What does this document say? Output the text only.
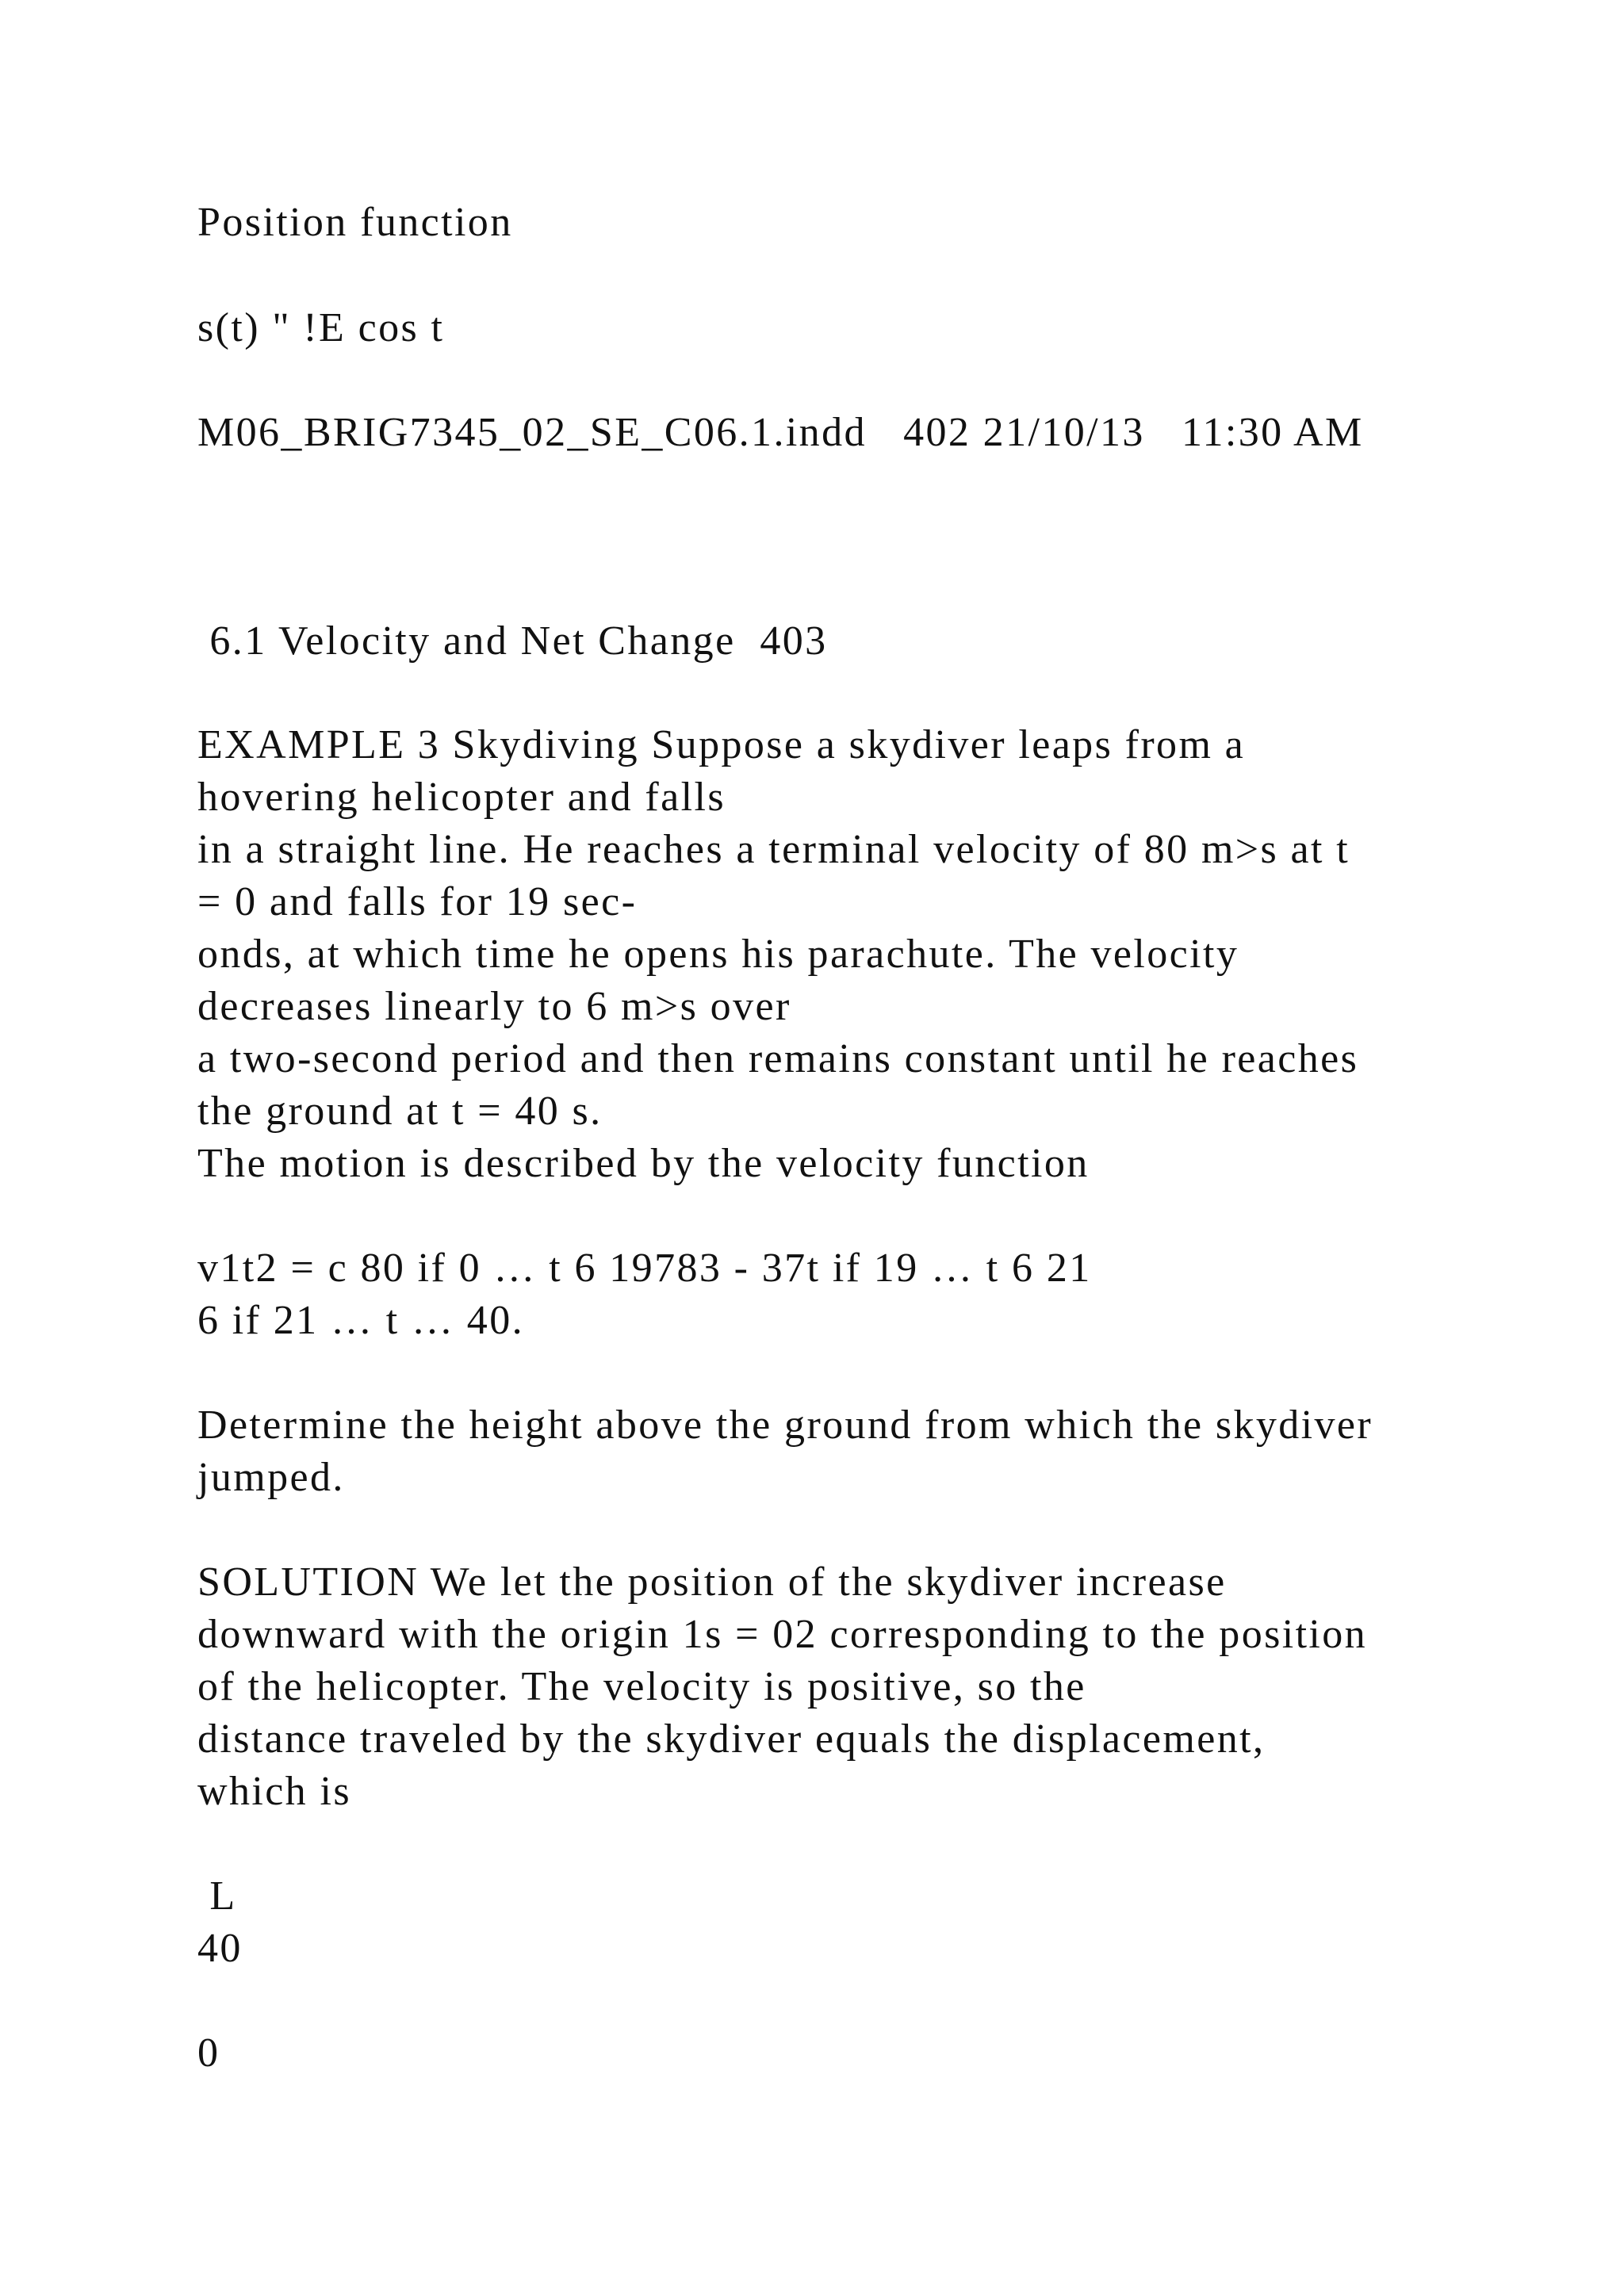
Position function

s(t) " !E cos t

M06_BRIG7345_02_SE_C06.1.indd   402 21/10/13   11:30 AM

6.1 Velocity and Net Change  403

EXAMPLE 3 Skydiving Suppose a skydiver leaps from a

hovering helicopter and falls

in a straight line. He reaches a terminal velocity of 80 m>s at t

= 0 and falls for 19 sec-

onds, at which time he opens his parachute. The velocity

decreases linearly to 6 m>s over

a two-second period and then remains constant until he reaches

the ground at t = 40 s.

The motion is described by the velocity function

v1t2 = c 80 if 0 … t 6 19783 - 37t if 19 … t 6 21

6 if 21 … t … 40.

Determine the height above the ground from which the skydiver

jumped.

SOLUTION We let the position of the skydiver increase

downward with the origin 1s = 02 corresponding to the position

of the helicopter. The velocity is positive, so the

distance traveled by the skydiver equals the displacement,

which is

L

40

0
